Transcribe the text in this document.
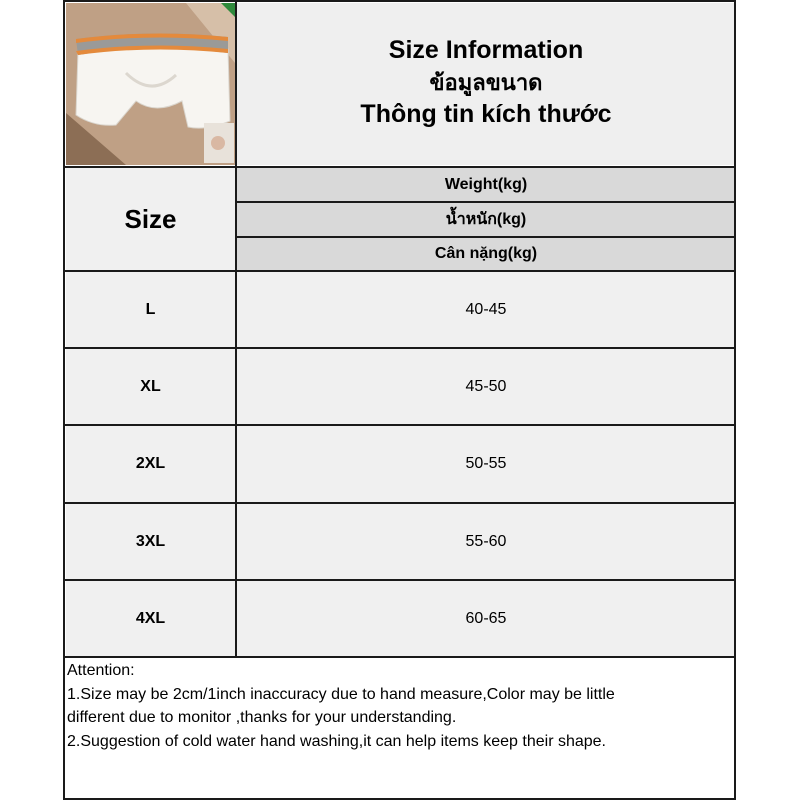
Size Information
ข้อมูลขนาด
Thông tin kích thước
Size
Weight(kg)
น้ำหนัก(kg)
Cân nặng(kg)
L	40-45
XL	45-50
2XL	50-55
3XL	55-60
4XL	60-65
Attention:
1.Size may be 2cm/1inch inaccuracy due to hand measure,Color may be little
different due to monitor ,thanks for your understanding.
2.Suggestion of cold water hand washing,it can help items keep their shape.
